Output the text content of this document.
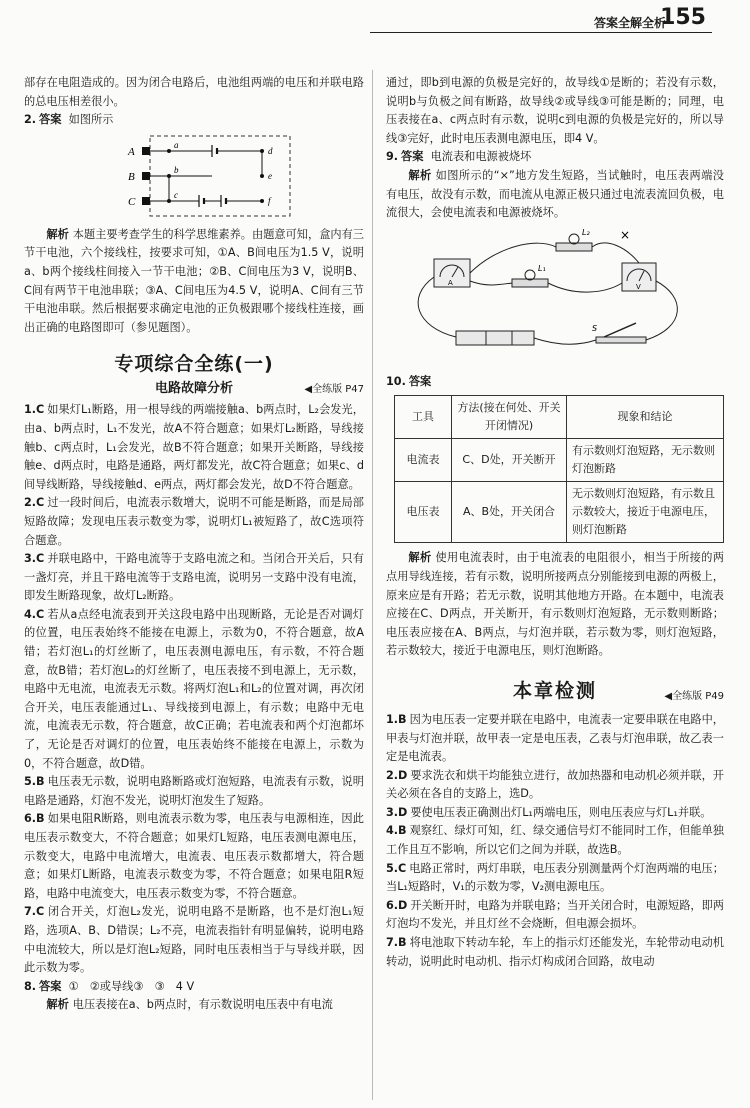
答案全解全析
155

部存在电阻造成的。因为闭合电路后，电池组两端的电压和并联电路的总电压相差很小。

2. 答案 如图所示

A
B
C
a
b
c
d
e
f

解析 本题主要考查学生的科学思维素养。由题意可知，盒内有三节干电池，六个接线柱，按要求可知，①A、B间电压为1.5 V，说明a、b两个接线柱间接入一节干电池；②B、C间电压为3 V，说明B、C间有两节干电池串联；③A、C间电压为4.5 V，说明A、C间有三节干电池串联。然后根据要求确定电池的正负极跟哪个接线柱连接，画出正确的电路图即可（参见题图）。

专项综合全练(一)
电路故障分析	◀全练版 P47

1.C 如果灯L₁断路，用一根导线的两端接触a、b两点时，L₂会发光，由a、b两点时，L₁不发光，故A不符合题意；如果灯L₂断路，导线接触b、c两点时，L₁会发光，故B不符合题意；如果开关断路，导线接触e、d两点时，电路是通路，两灯都发光，故C符合题意；如果c、d间导线断路，导线接触d、e两点，两灯都会发光，故D不符合题意。

2.C 过一段时间后，电流表示数增大，说明不可能是断路，而是局部短路故障；发现电压表示数变为零，说明灯L₁被短路了，故C选项符合题意。

3.C 并联电路中，干路电流等于支路电流之和。当闭合开关后，只有一盏灯亮，并且干路电流等于支路电流，说明另一支路中没有电流，即发生断路现象，故灯L₂断路。

4.C 若从a点经电流表到开关这段电路中出现断路，无论是否对调灯的位置，电压表始终不能接在电源上，示数为0，不符合题意，故A错；若灯泡L₁的灯丝断了，电压表测电源电压，有示数，不符合题意，故B错；若灯泡L₂的灯丝断了，电压表接不到电源上，无示数，电路中无电流，电流表无示数。将两灯泡L₁和L₂的位置对调，再次闭合开关，电压表能通过L₁、导线接到电源上，有示数；电路中无电流，电流表无示数，符合题意，故C正确；若电流表和两个灯泡都坏了，无论是否对调灯的位置，电压表始终不能接在电源上，示数为0，不符合题意，故D错。

5.B 电压表无示数，说明电路断路或灯泡短路，电流表有示数，说明电路是通路，灯泡不发光，说明灯泡发生了短路。

6.B 如果电阻R断路，则电流表示数为零，电压表与电源相连，因此电压表示数变大，不符合题意；如果灯L短路，电压表测电源电压，示数变大，电路中电流增大，电流表、电压表示数都增大，符合题意；如果灯L断路，电流表示数变为零，不符合题意；如果电阻R短路，电路中电流变大，电压表示数变为零，不符合题意。

7.C 闭合开关，灯泡L₂发光，说明电路不是断路，也不是灯泡L₁短路，选项A、B、D错误；L₂不亮，电流表指针有明显偏转，说明电路中电流较大，所以是灯泡L₂短路，同时电压表相当于与导线并联，因此示数为零。

8. 答案 ①　②或导线③　③　4 V

解析 电压表接在a、b两点时，有示数说明电压表中有电流

通过，即b到电源的负极是完好的，故导线①是断的；若没有示数，说明b与负极之间有断路，故导线②或导线③可能是断的；同理，电压表接在a、c两点时有示数，说明c到电源的负极是完好的，所以导线③完好，此时电压表测电源电压，即4 V。

9. 答案 电流表和电源被烧坏

解析 如图所示的“×”地方发生短路，当试触时，电压表两端没有电压，故没有示数，而电流从电源正极只通过电流表流回负极，电流很大，会使电流表和电源被烧坏。

A	V
L₂
L₁
S
×

10. 答案

工具	方法(接在何处、开关开闭情况)	现象和结论
电流表	C、D处，开关断开	有示数则灯泡短路，无示数则灯泡断路
电压表	A、B处，开关闭合	无示数则灯泡短路，有示数且示数较大，接近于电源电压，则灯泡断路

解析 使用电流表时，由于电流表的电阻很小，相当于所接的两点用导线连接，若有示数，说明所接两点分别能接到电源的两极上，原来应是有开路；若无示数，说明其他地方开路。在本题中，电流表应接在C、D两点，开关断开，有示数则灯泡短路，无示数则断路；电压表应接在A、B两点，与灯泡并联，若示数为零，则灯泡短路，若示数较大，接近于电源电压，则灯泡断路。

本章检测	◀全练版 P49

1.B 因为电压表一定要并联在电路中，电流表一定要串联在电路中，甲表与灯泡并联，故甲表一定是电压表，乙表与灯泡串联，故乙表一定是电流表。

2.D 要求洗衣和烘干均能独立进行，故加热器和电动机必须并联，开关必须在各自的支路上，选D。

3.D 要使电压表正确测出灯L₁两端电压，则电压表应与灯L₁并联。

4.B 观察红、绿灯可知，红、绿交通信号灯不能同时工作，但能单独工作且互不影响，所以它们之间为并联，故选B。

5.C 电路正常时，两灯串联，电压表分别测量两个灯泡两端的电压；当L₁短路时，V₁的示数为零，V₂测电源电压。

6.D 开关断开时，电路为并联电路；当开关闭合时，电源短路，即两灯泡均不发光，并且灯丝不会烧断，但电源会损坏。

7.B 将电池取下转动车轮，车上的指示灯还能发光，车轮带动电动机转动，说明此时电动机、指示灯构成闭合回路，故电动
